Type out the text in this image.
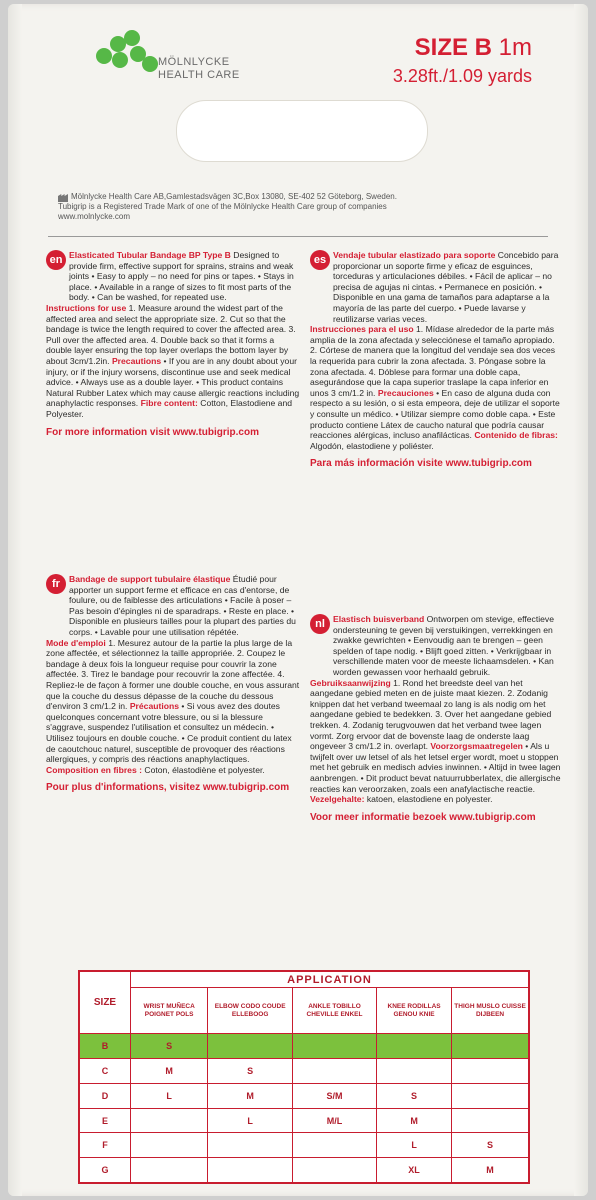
MÖLNLYCKE
HEALTH CARE
SIZE B 1m
3.28ft./1.09 yards
Mölnlycke Health Care AB,Gamlestadsvägen 3C,Box 13080, SE-402 52 Göteborg, Sweden.
Tubigrip is a Registered Trade Mark of one of the Mölnlycke Health Care group of companies
www.molnlycke.com
en Elasticated Tubular Bandage BP Type B Designed to provide firm, effective support for sprains, strains and weak joints • Easy to apply – no need for pins or tapes. • Stays in place. • Available in a range of sizes to fit most parts of the body. • Can be washed, for repeated use.

Instructions for use 1. Measure around the widest part of the affected area and select the appropriate size. 2. Cut so that the bandage is twice the length required to cover the affected area. 3. Pull over the affected area. 4. Double back so that it forms a double layer ensuring the top layer overlaps the bottom layer by about 3cm/1.2in. Precautions • If you are in any doubt about your injury, or if the injury worsens, discontinue use and seek medical advice. • Always use as a double layer. • This product contains Natural Rubber Latex which may cause allergic reactions including anaphylactic responses. Fibre content: Cotton, Elastodiene and Polyester.

For more information visit www.tubigrip.com
es Vendaje tubular elastizado para soporte Concebido para proporcionar un soporte firme y eficaz de esguinces, torceduras y articulaciones débiles. • Fácil de aplicar – no precisa de agujas ni cintas. • Permanece en posición. • Disponible en una gama de tamaños para adaptarse a la mayoría de las parte del cuerpo. • Puede lavarse y reutilizarse varias veces.

Instrucciones para el uso 1. Mídase alrededor de la parte más amplia de la zona afectada y selecciónese el tamaño apropiado. 2. Córtese de manera que la longitud del vendaje sea dos veces la requerida para cubrir la zona afectada. 3. Póngase sobre la zona afectada. 4. Dóblese para formar una doble capa, asegurándose que la capa superior traslape la capa inferior en unos 3 cm/1.2 in. Precauciones • En caso de alguna duda con respecto a su lesión, o si esta empeora, deje de utilizar el soporte y consulte un médico. • Utilizar siempre como doble capa. • Este producto contiene Látex de caucho natural que podría causar reacciones alérgicas, incluso anafilácticas. Contenido de fibras: Algodón, elastodiene y poliéster.

Para más información visite www.tubigrip.com
fr	Bandage de support tubulaire élastique Étudié pour apporter un support ferme et efficace en cas d'entorse, de foulure, ou de faiblesse des articulations • Facile à poser – Pas besoin d'épingles ni de sparadraps. • Reste en place. • Disponible en plusieurs tailles pour la plupart des parties du corps. • Lavable pour une utilisation répétée.

Mode d'emploi 1. Mesurez autour de la partie la plus large de la zone affectée, et sélectionnez la taille appropriée. 2. Coupez le bandage à deux fois la longueur requise pour couvrir la zone affectée. 3. Tirez le bandage pour recouvrir la zone affectée. 4. Repliez-le de façon à former une double couche, en vous assurant que la couche du dessus dépasse de la couche du dessous d'environ 3 cm/1.2 in. Précautions • Si vous avez des doutes quelconques concernant votre blessure, ou si la blessure s'aggrave, suspendez l'utilisation et consultez un médecin. • Utilisez toujours en double couche. • Ce produit contient du latex de caoutchouc naturel, susceptible de provoquer des réactions allergiques, y compris des réactions anaphylactiques. Composition en fibres : Coton, élastodiène et polyester.

Pour plus d'informations, visitez www.tubigrip.com
nl Elastisch buisverband Ontworpen om stevige, effectieve ondersteuning te geven bij verstuikingen, verrekkingen en zwakke gewrichten • Eenvoudig aan te brengen – geen spelden of tape nodig. • Blijft goed zitten. • Verkrijgbaar in verschillende maten voor de meeste lichaamsdelen. • Kan worden gewassen voor herhaald gebruik.

Gebruiksaanwijzing 1. Rond het breedste deel van het aangedane gebied meten en de juiste maat kiezen. 2. Zodanig knippen dat het verband tweemaal zo lang is als nodig om het aangedane gebied te bedekken. 3. Over het aangedane gebied trekken. 4. Zodanig terugvouwen dat het verband twee lagen vormt. Zorg ervoor dat de bovenste laag de onderste laag ongeveer 3 cm/1.2 in. overlapt. Voorzorgsmaatregelen • Als u twijfelt over uw letsel of als het letsel erger wordt, moet u stoppen met het gebruik en medisch advies inwinnen. • Altijd in twee lagen aanbrengen. • Dit product bevat natuurrubberlatex, die allergische reacties kan veroorzaken, zoals een anafylactische reactie. Vezelgehalte: katoen, elastodiene en polyester.

Voor meer informatie bezoek www.tubigrip.com
SIZE	APPLICATION				
	WRIST MUÑECA POIGNET POLS	ELBOW CODO COUDE ELLEBOOG	ANKLE TOBILLO CHEVILLE ENKEL	KNEE RODILLAS GENOU KNIE	THIGH MUSLO CUISSE DIJBEEN
B	S				
C	M	S			
D	L	M	S/M	S	
E		L	M/L	M	
F				L	S
G				XL	M
